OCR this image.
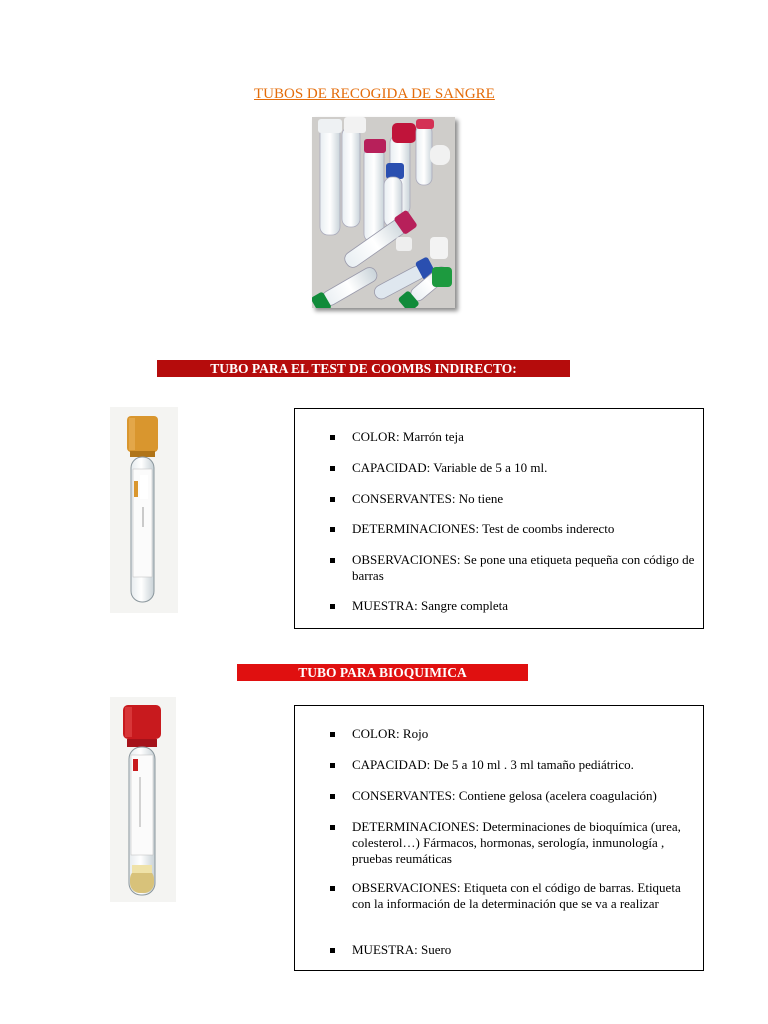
TUBOS DE RECOGIDA DE SANGRE
TUBO PARA EL TEST DE COOMBS INDIRECTO:
COLOR: Marrón teja
CAPACIDAD: Variable de 5 a 10 ml.
CONSERVANTES: No tiene
DETERMINACIONES: Test de coombs inderecto
OBSERVACIONES: Se pone una etiqueta pequeña con código de barras
MUESTRA: Sangre completa
TUBO PARA BIOQUIMICA
COLOR: Rojo
CAPACIDAD: De 5 a 10 ml . 3 ml tamaño pediátrico.
CONSERVANTES: Contiene gelosa (acelera coagulación)
DETERMINACIONES: Determinaciones de bioquímica (urea, colesterol…) Fármacos, hormonas, serología, inmunología , pruebas reumáticas
OBSERVACIONES: Etiqueta con el código de barras. Etiqueta con la información de la determinación que se va a realizar
MUESTRA: Suero
